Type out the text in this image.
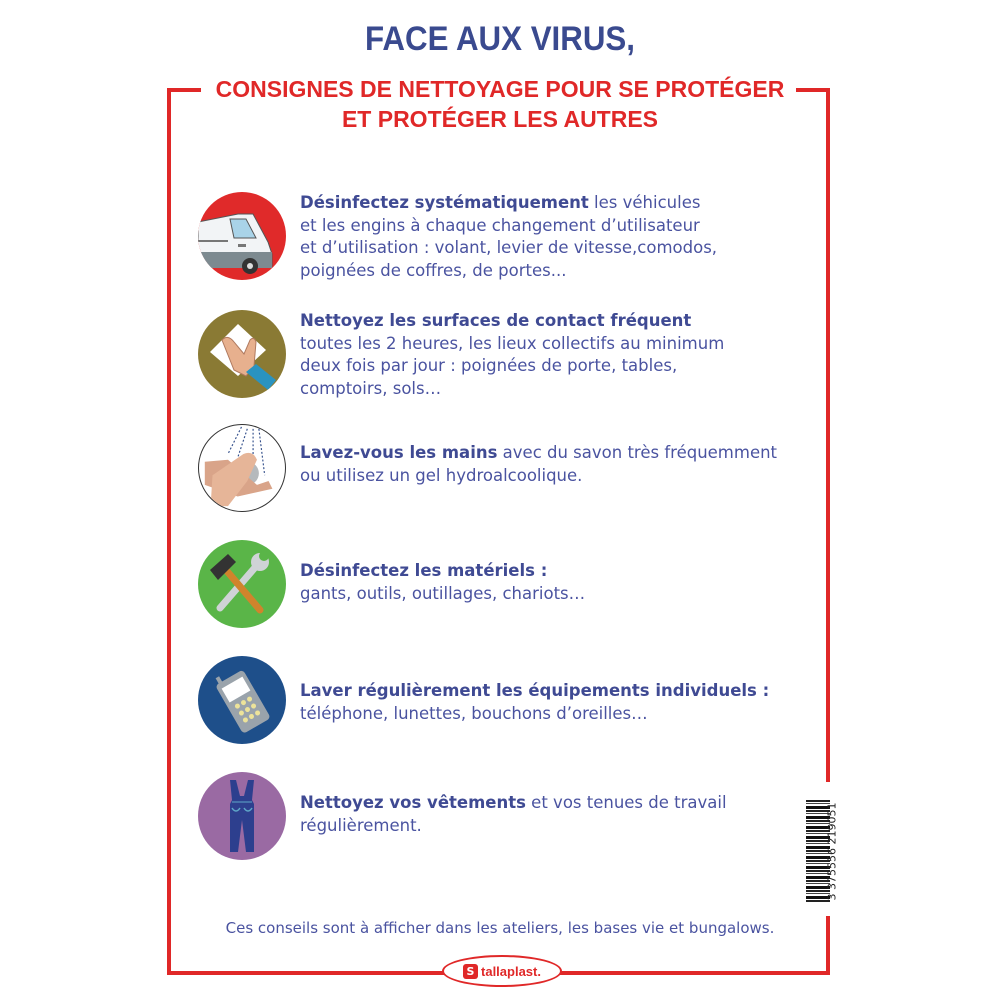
FACE AUX VIRUS,
CONSIGNES DE NETTOYAGE POUR SE PROTÉGER
ET PROTÉGER LES AUTRES
Désinfectez systématiquement les véhicules
et les engins à chaque changement d’utilisateur
et d’utilisation : volant, levier de vitesse,comodos,
poignées de coffres, de portes...
Nettoyez les surfaces de contact fréquent
toutes les 2 heures, les lieux collectifs au minimum
deux fois par jour : poignées de porte, tables,
comptoirs, sols…
Lavez-vous les mains avec du savon très fréquemment
ou utilisez un gel hydroalcoolique.
Désinfectez les matériels :
gants, outils, outillages, chariots…
Laver régulièrement les équipements individuels :
téléphone, lunettes, bouchons d’oreilles…
Nettoyez vos vêtements et vos tenues de travail
régulièrement.	3 375556 219051
Ces conseils sont à afficher dans les ateliers, les bases vie et bungalows.
S tallaplast.
